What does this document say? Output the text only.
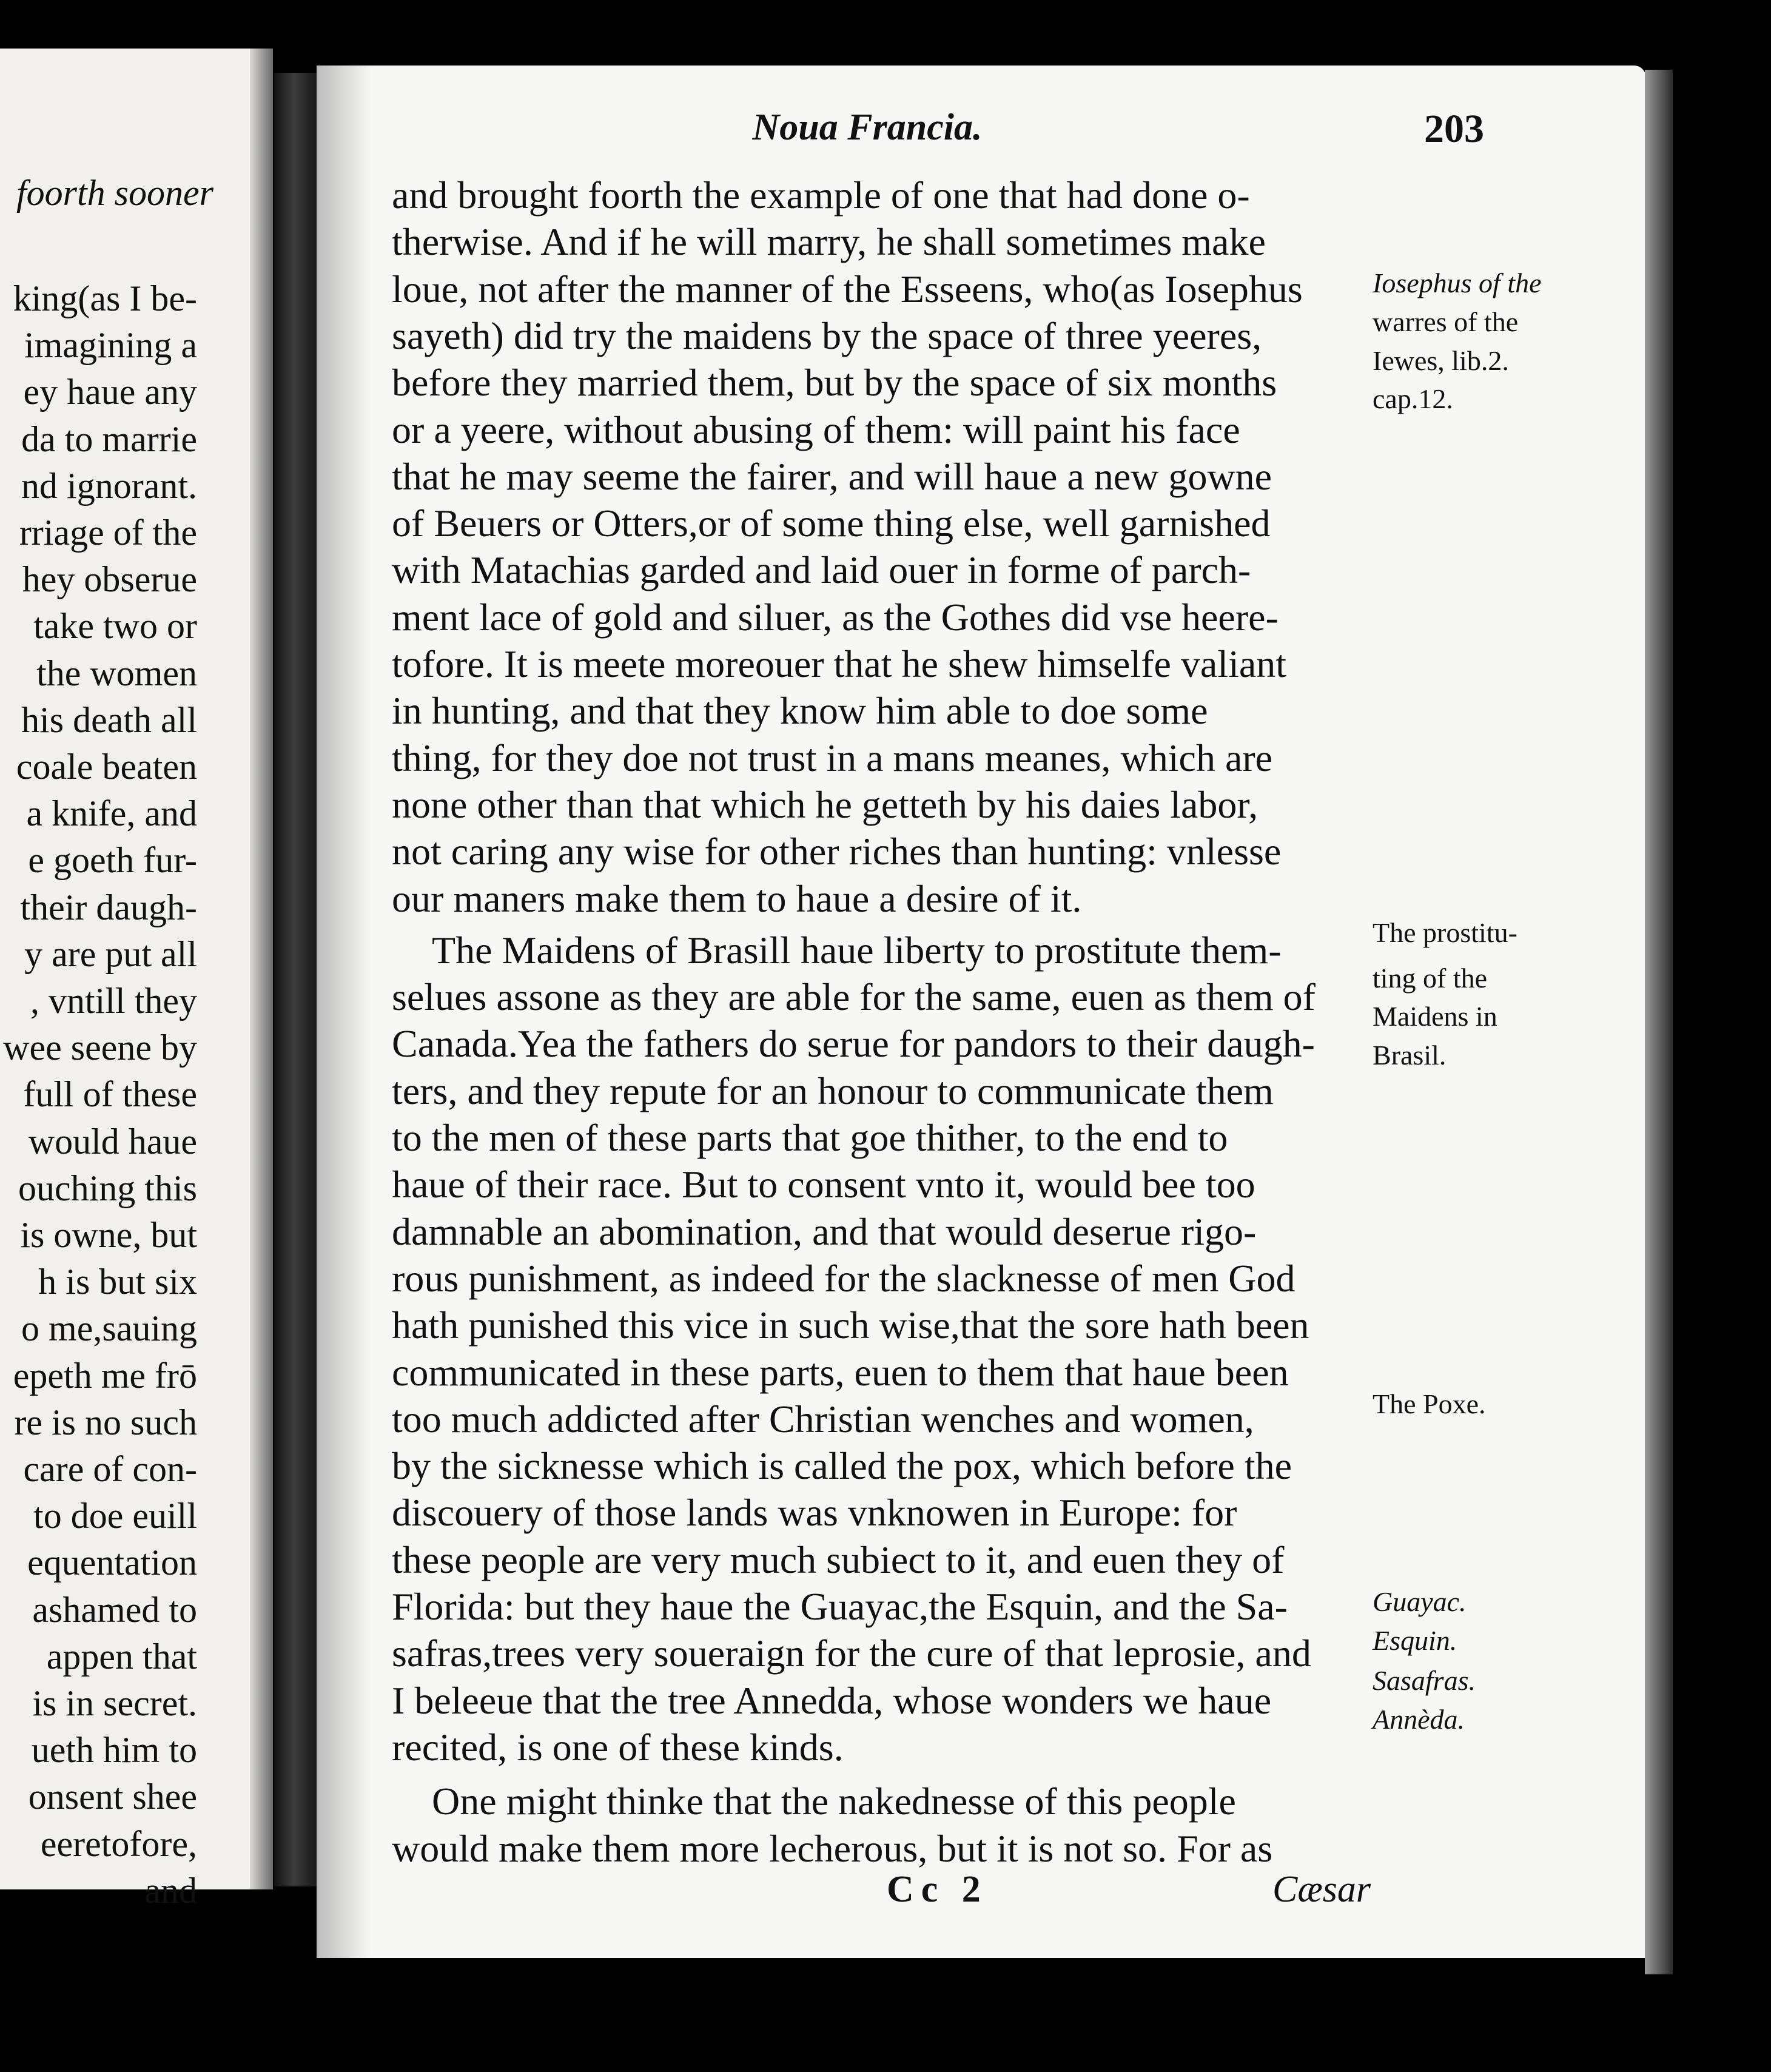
foorth sooner
king(as I be-
imagining a
ey haue any
da to marrie
nd ignorant.
rriage of the
hey obserue
take two or
the women
his death all
coale beaten
a knife, and
e goeth fur-
their daugh-
y are put all
, vntill they
wee seene by
full of these
would haue
ouching this
is owne, but
h is but six
o me,sauing
epeth me frō
re is no such
care of con-
to doe euill
equentation
ashamed to
appen that
is in secret.
ueth him to
onsent shee
eeretofore,
and
Noua Francia.	203
and brought foorth the example of one that had done o-
therwise. And if he will marry, he shall sometimes make
loue, not after the manner of the Esseens, who(as Iosephus
sayeth) did try the maidens by the space of three yeeres,
before they married them, but by the space of six months
or a yeere, without abusing of them: will paint his face
that he may seeme the fairer, and will haue a new gowne
of Beuers or Otters,or of some thing else, well garnished
with Matachias garded and laid ouer in forme of parch-
ment lace of gold and siluer, as the Gothes did vse heere-
tofore. It is meete moreouer that he shew himselfe valiant
in hunting, and that they know him able to doe some
thing, for they doe not trust in a mans meanes, which are
none other than that which he getteth by his daies labor,
not caring any wise for other riches than hunting: vnlesse
our maners make them to haue a desire of it.
The Maidens of Brasill haue liberty to prostitute them-
selues assone as they are able for the same, euen as them of
Canada.Yea the fathers do serue for pandors to their daugh-
ters, and they repute for an honour to communicate them
to the men of these parts that goe thither, to the end to
haue of their race. But to consent vnto it, would bee too
damnable an abomination, and that would deserue rigo-
rous punishment, as indeed for the slacknesse of men God
hath punished this vice in such wise,that the sore hath been
communicated in these parts, euen to them that haue been
too much addicted after Christian wenches and women,
by the sicknesse which is called the pox, which before the
discouery of those lands was vnknowen in Europe: for
these people are very much subiect to it, and euen they of
Florida: but they haue the Guayac,the Esquin, and the Sa-
safras,trees very soueraign for the cure of that leprosie, and
I beleeue that the tree Annedda, whose wonders we haue
recited, is one of these kinds.
One might thinke that the nakednesse of this people
would make them more lecherous, but it is not so. For as
Iosephus of the
warres of the
Iewes, lib.2.
cap.12.
The prostitu-
ting of the
Maidens in
Brasil.
The Poxe.
Guayac.
Esquin.
Sasafras.
Annèda.
Cc 2	Cæsar
